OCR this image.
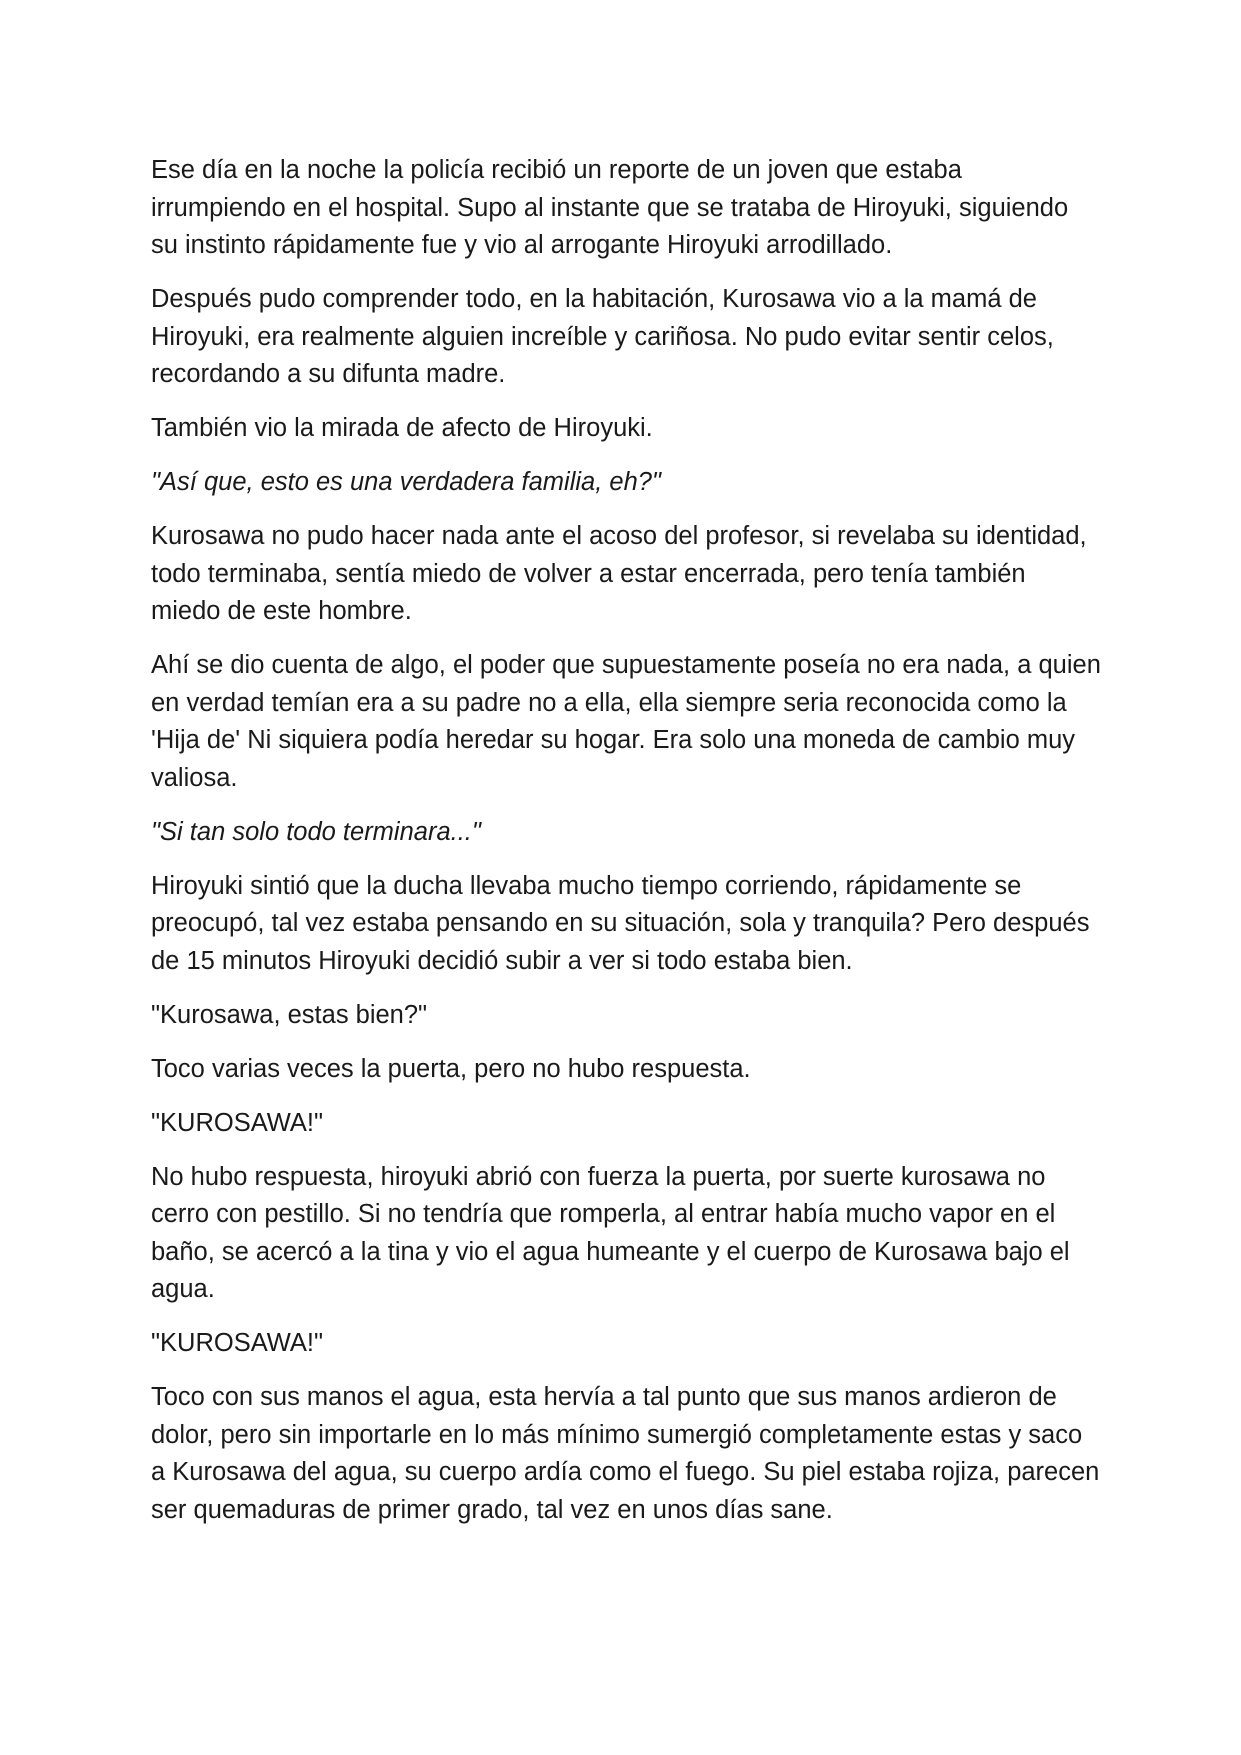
Ese día en la noche la policía recibió un reporte de un joven que estaba irrumpiendo en el hospital. Supo al instante que se trataba de Hiroyuki, siguiendo su instinto rápidamente fue y vio al arrogante Hiroyuki arrodillado.

Después pudo comprender todo, en la habitación, Kurosawa vio a la mamá de Hiroyuki, era realmente alguien increíble y cariñosa. No pudo evitar sentir celos, recordando a su difunta madre.

También vio la mirada de afecto de Hiroyuki.

"Así que, esto es una verdadera familia, eh?"

Kurosawa no pudo hacer nada ante el acoso del profesor, si revelaba su identidad, todo terminaba, sentía miedo de volver a estar encerrada, pero tenía también miedo de este hombre.

Ahí se dio cuenta de algo, el poder que supuestamente poseía no era nada, a quien en verdad temían era a su padre no a ella, ella siempre seria reconocida como la 'Hija de' Ni siquiera podía heredar su hogar. Era solo una moneda de cambio muy valiosa.

"Si tan solo todo terminara..."

Hiroyuki sintió que la ducha llevaba mucho tiempo corriendo, rápidamente se preocupó, tal vez estaba pensando en su situación, sola y tranquila? Pero después de 15 minutos Hiroyuki decidió subir a ver si todo estaba bien.

"Kurosawa, estas bien?"

Toco varias veces la puerta, pero no hubo respuesta.

"KUROSAWA!"

No hubo respuesta, hiroyuki abrió con fuerza la puerta, por suerte kurosawa no cerro con pestillo. Si no tendría que romperla, al entrar había mucho vapor en el baño, se acercó a la tina y vio el agua humeante y el cuerpo de Kurosawa bajo el agua.

"KUROSAWA!"

Toco con sus manos el agua, esta hervía a tal punto que sus manos ardieron de dolor, pero sin importarle en lo más mínimo sumergió completamente estas y saco a Kurosawa del agua, su cuerpo ardía como el fuego. Su piel estaba rojiza, parecen ser quemaduras de primer grado, tal vez en unos días sane.
